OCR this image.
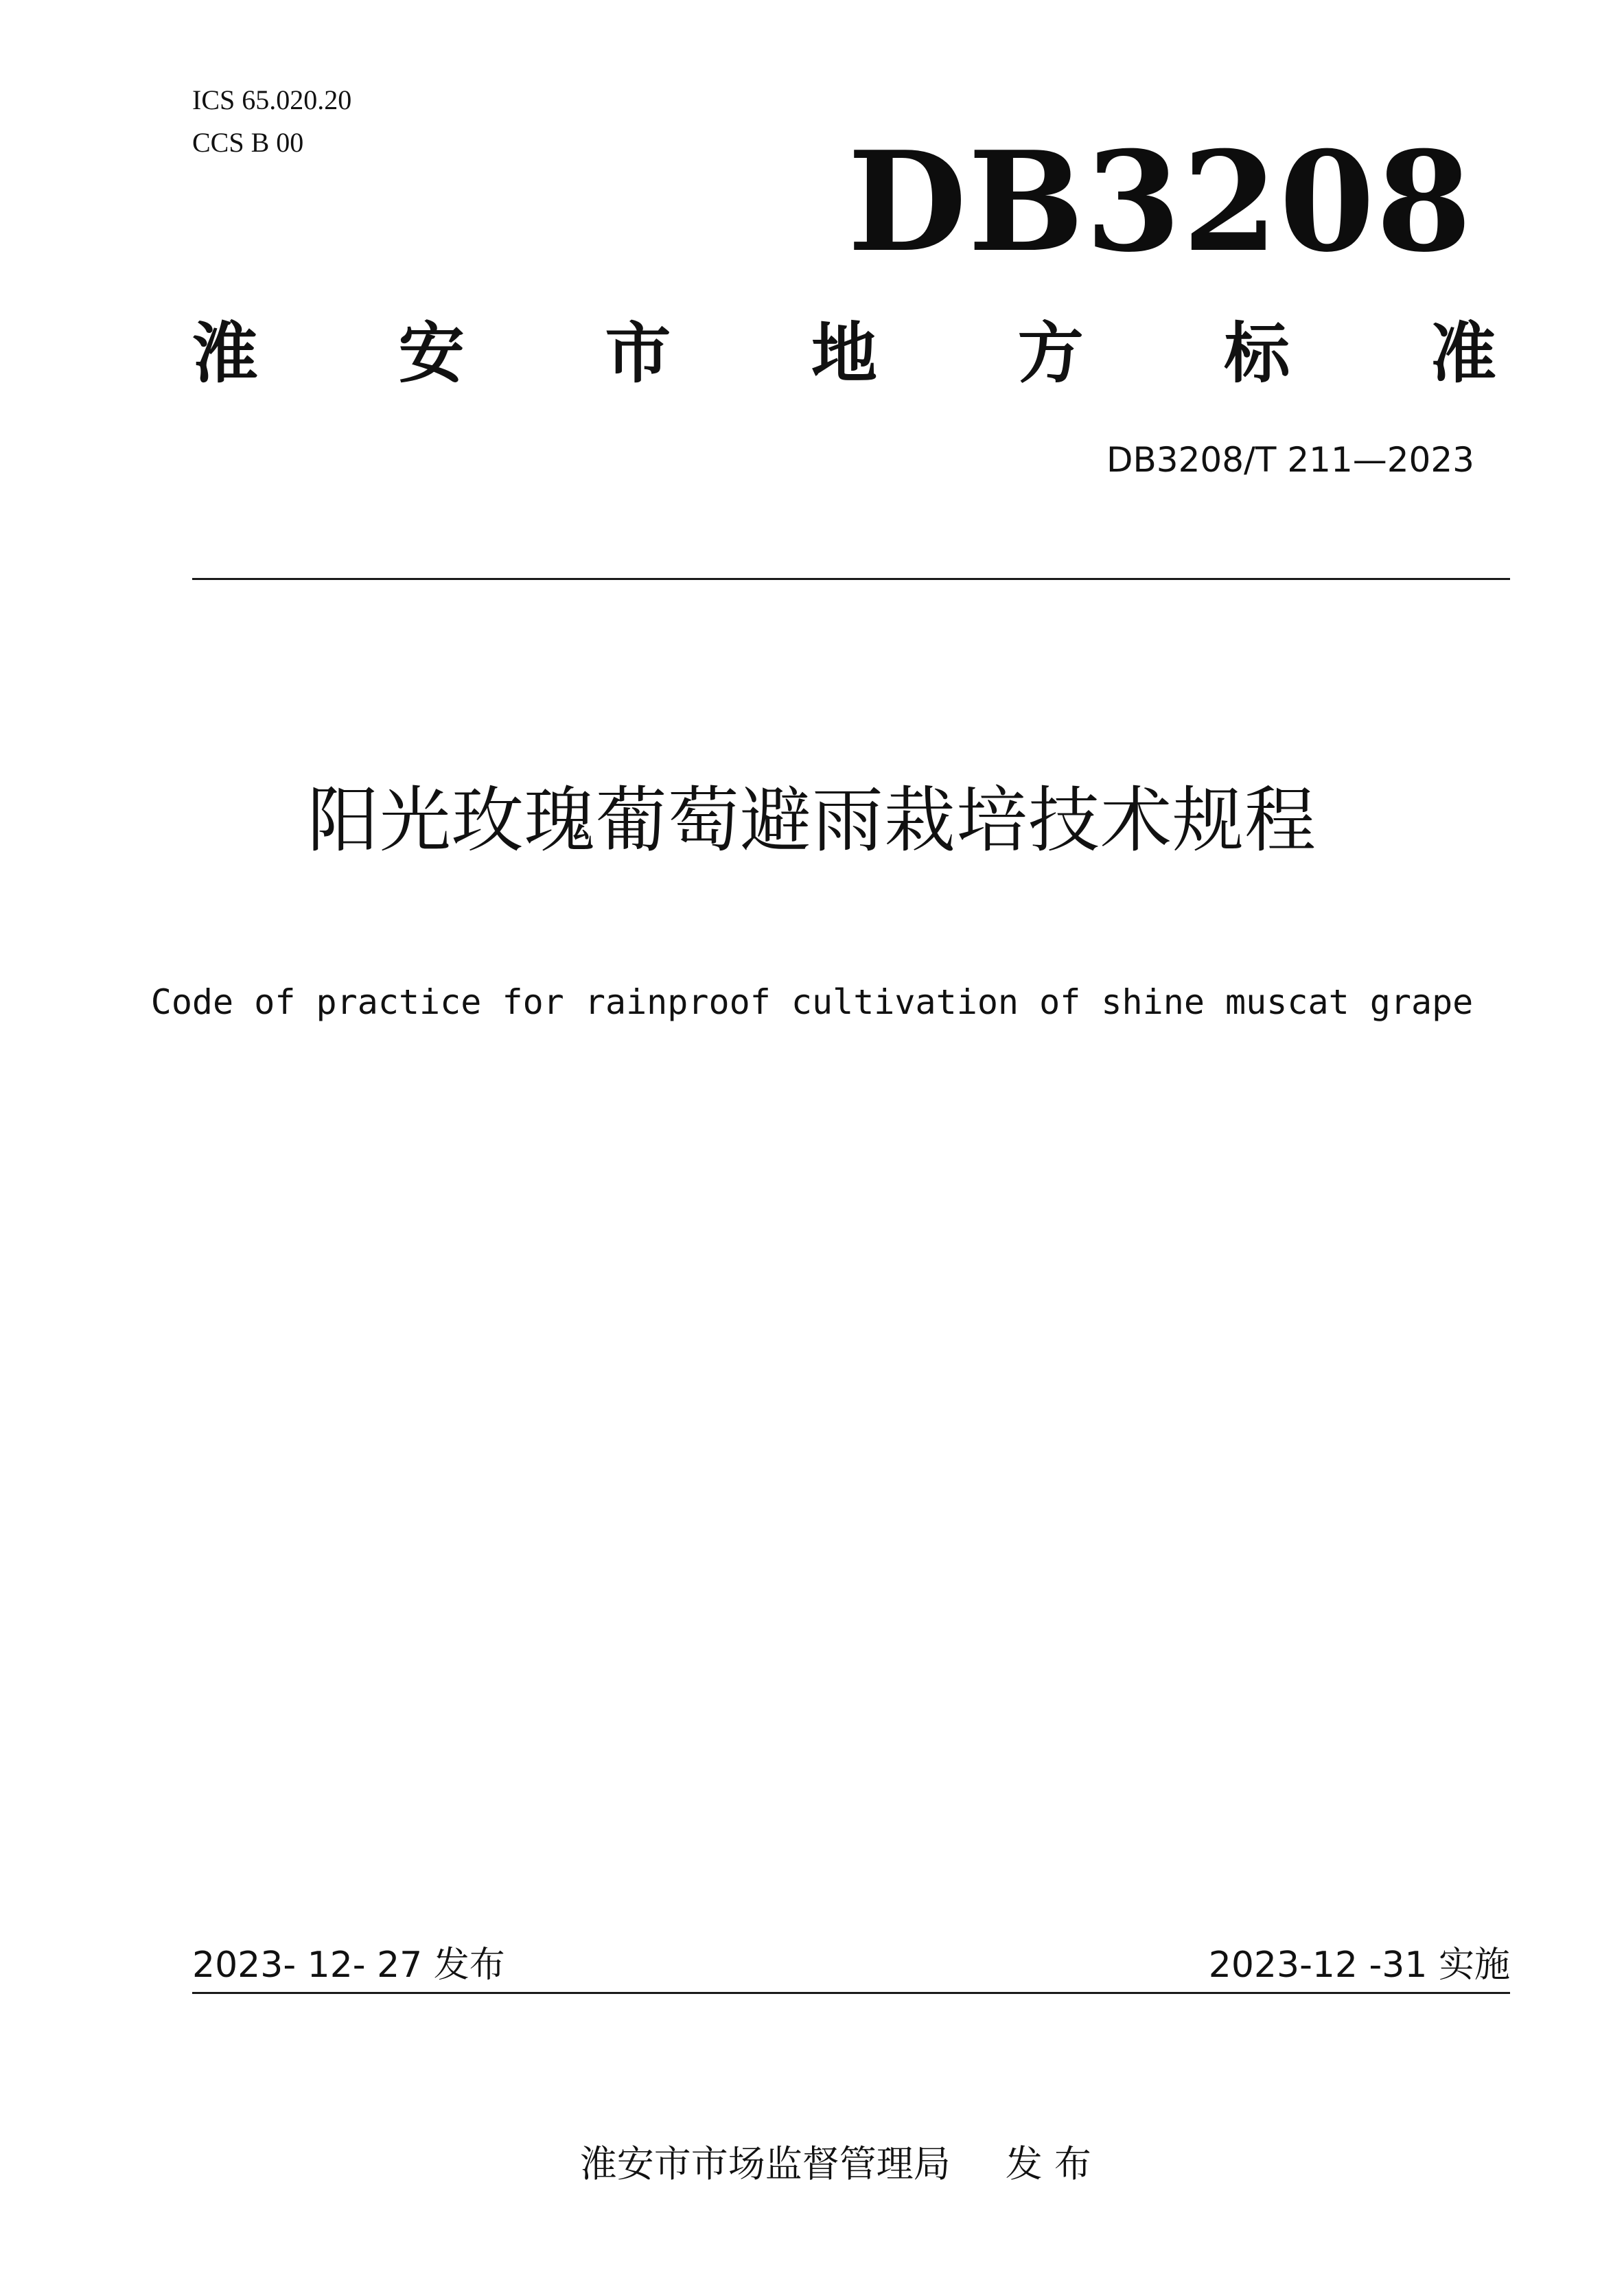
ICS 65.020.20
CCS B 00	DB3208
淮 安 市 地 方 标 准
DB3208/T 211—2023
阳光玫瑰葡萄避雨栽培技术规程
Code of practice for rainproof cultivation of shine muscat grape
2023- 12- 27 发布	2023-12 -31 实施

淮安市市场监督管理局 发 布
